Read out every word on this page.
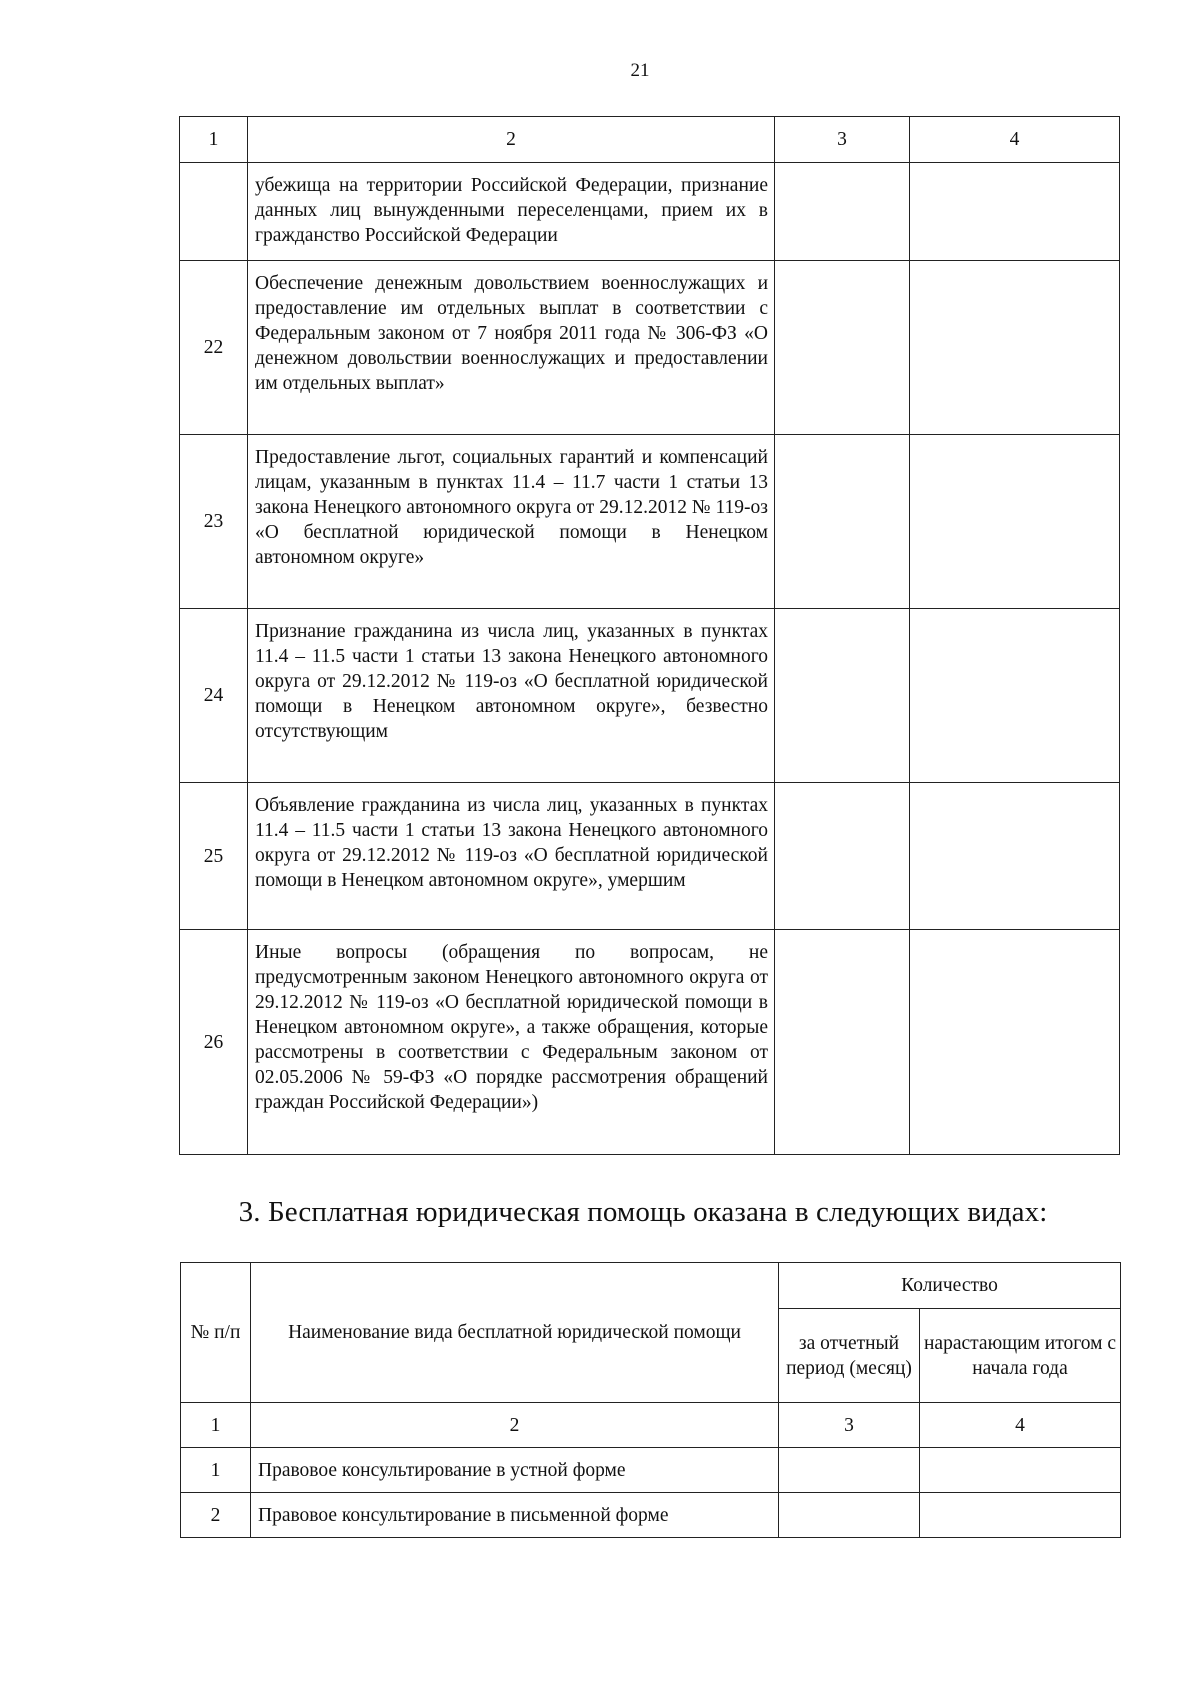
21
1	2	3	4
	убежища на территории Российской Федерации, признание данных лиц вынужденными переселенцами, прием их в гражданство Российской Федерации		
22	Обеспечение денежным довольствием военнослужащих и предоставление им отдельных выплат в соответствии с Федеральным законом от 7 ноября 2011 года № 306-ФЗ «О денежном довольствии военнослужащих и предоставлении им отдельных выплат»		
23	Предоставление льгот, социальных гарантий и компенсаций лицам, указанным в пунктах 11.4 – 11.7 части 1 статьи 13 закона Ненецкого автономного округа от 29.12.2012 № 119-оз «О бесплатной юридической помощи в Ненецком автономном округе»		
24	Признание гражданина из числа лиц, указанных в пунктах 11.4 – 11.5 части 1 статьи 13 закона Ненецкого автономного округа от 29.12.2012 № 119-оз «О бесплатной юридической помощи в Ненецком автономном округе», безвестно отсутствующим		
25	Объявление гражданина из числа лиц, указанных в пунктах 11.4 – 11.5 части 1 статьи 13 закона Ненецкого автономного округа от 29.12.2012 № 119-оз «О бесплатной юридической помощи в Ненецком автономном округе», умершим		
26	Иные вопросы (обращения по вопросам, не предусмотренным законом Ненецкого автономного округа от 29.12.2012 № 119-оз «О бесплатной юридической помощи в Ненецком автономном округе», а также обращения, которые рассмотрены в соответствии с Федеральным законом от 02.05.2006 № 59-ФЗ «О порядке рассмотрения обращений граждан Российской Федерации»)		
3. Бесплатная юридическая помощь оказана в следующих видах:
№ п/п	Наименование вида бесплатной юридической помощи	Количество	
		за отчетный период (месяц)	нарастающим итогом с начала года
1	2	3	4
1	Правовое консультирование в устной форме		
2	Правовое консультирование в письменной форме		
